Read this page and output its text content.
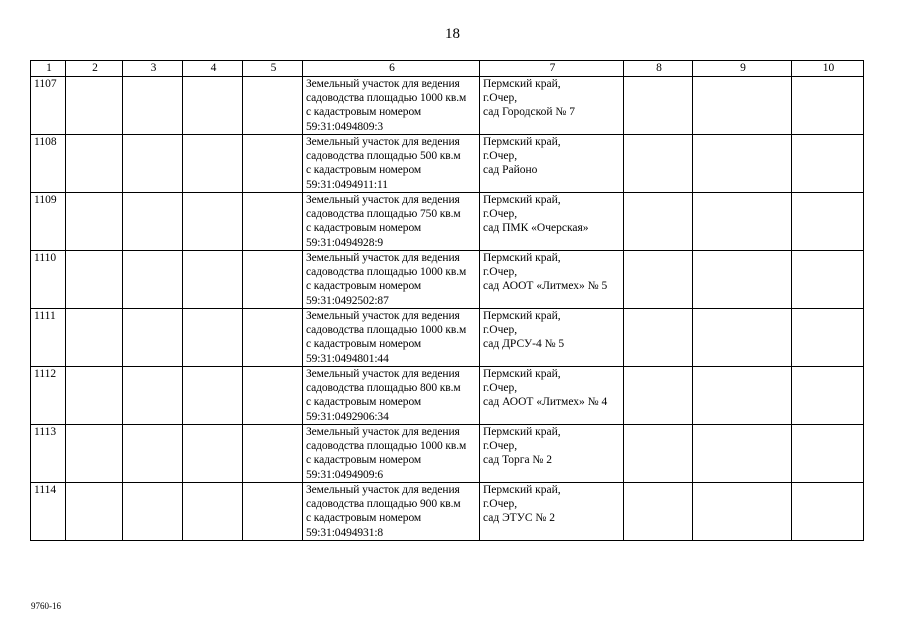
18
1	2	3	4	5	6	7	8	9	10
1107					Земельный участок для ведения
садоводства площадью 1000 кв.м
с кадастровым номером
59:31:0494809:3	Пермский край,
г.Очер,
сад Городской № 7			

1108					Земельный участок для ведения
садоводства площадью 500 кв.м
с кадастровым номером
59:31:0494911:11	Пермский край,
г.Очер,
сад Районо			

1109					Земельный участок для ведения
садоводства площадью 750 кв.м
с кадастровым номером
59:31:0494928:9	Пермский край,
г.Очер,
сад ПМК «Очерская»			

1110					Земельный участок для ведения
садоводства площадью 1000 кв.м
с кадастровым номером
59:31:0492502:87	Пермский край,
г.Очер,
сад АООТ «Литмех» № 5			

1111					Земельный участок для ведения
садоводства площадью 1000 кв.м
с кадастровым номером
59:31:0494801:44	Пермский край,
г.Очер,
сад ДРСУ-4 № 5			

1112					Земельный участок для ведения
садоводства площадью 800 кв.м
с кадастровым номером
59:31:0492906:34	Пермский край,
г.Очер,
сад АООТ «Литмех» № 4			

1113					Земельный участок для ведения
садоводства площадью 1000 кв.м
с кадастровым номером
59:31:0494909:6	Пермский край,
г.Очер,
сад Торга № 2			

1114					Земельный участок для ведения
садоводства площадью 900 кв.м
с кадастровым номером
59:31:0494931:8	Пермский край,
г.Очер,
сад ЭТУС № 2			

9760-16
